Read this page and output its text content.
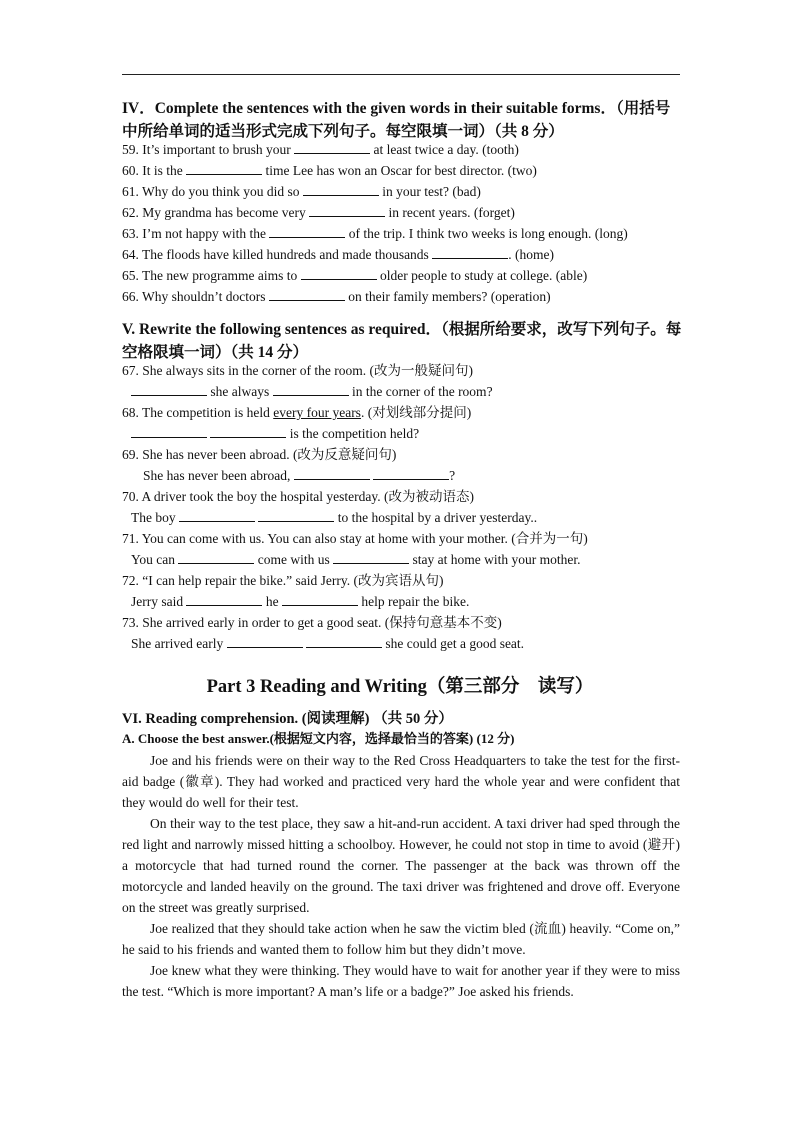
IV．Complete the sentences with the given words in their suitable forms．（用括号中所给单词的适当形式完成下列句子。每空限填一词）（共 8 分）

59. It’s important to brush your	at least twice a day. (tooth)
60. It is the	time Lee has won an Oscar for best director. (two)
61. Why do you think you did so	in your test? (bad)
62. My grandma has become very	in recent years. (forget)
63. I’m not happy with the	of the trip. I think two weeks is long enough. (long)
64. The floods have killed hundreds and made thousands	. (home)
65. The new programme aims to	older people to study at college. (able)
66. Why shouldn’t doctors	on their family members? (operation)

V. Rewrite the following sentences as required．（根据所给要求，改写下列句子。每空格限填一词）（共 14 分）

67. She always sits in the corner of the room. (改为一般疑问句)
she always	in the corner of the room?
68. The competition is held every four years. (对划线部分提问)
is the competition held?
69. She has never been abroad. (改为反意疑问句)
She has never been abroad,	?
70. A driver took the boy the hospital yesterday. (改为被动语态)
The boy	to the hospital by a driver yesterday..
71. You can come with us. You can also stay at home with your mother. (合并为一句)
You can	come with us	stay at home with your mother.
72. “I can help repair the bike.” said Jerry. (改为宾语从句)
Jerry said	he	help repair the bike.
73. She arrived early in order to get a good seat. (保持句意基本不变)
She arrived early	she could get a good seat.
Part 3 Reading and Writing（第三部分　读写）
VI. Reading comprehension. (阅读理解) （共 50 分）
A. Choose the best answer.(根据短文内容，选择最恰当的答案) (12 分)

Joe and his friends were on their way to the Red Cross Headquarters to take the test for the first-aid badge (徽章). They had worked and practiced very hard the whole year and were confident that they would do well for their test.

On their way to the test place, they saw a hit-and-run accident. A taxi driver had sped through the red light and narrowly missed hitting a schoolboy. However, he could not stop in time to avoid (避开) a motorcycle that had turned round the corner. The passenger at the back was thrown off the motorcycle and landed heavily on the ground. The taxi driver was frightened and drove off. Everyone on the street was greatly surprised.

Joe realized that they should take action when he saw the victim bled (流血) heavily. “Come on,” he said to his friends and wanted them to follow him but they didn’t move.

Joe knew what they were thinking. They would have to wait for another year if they were to miss the test. “Which is more important? A man’s life or a badge?” Joe asked his friends.
